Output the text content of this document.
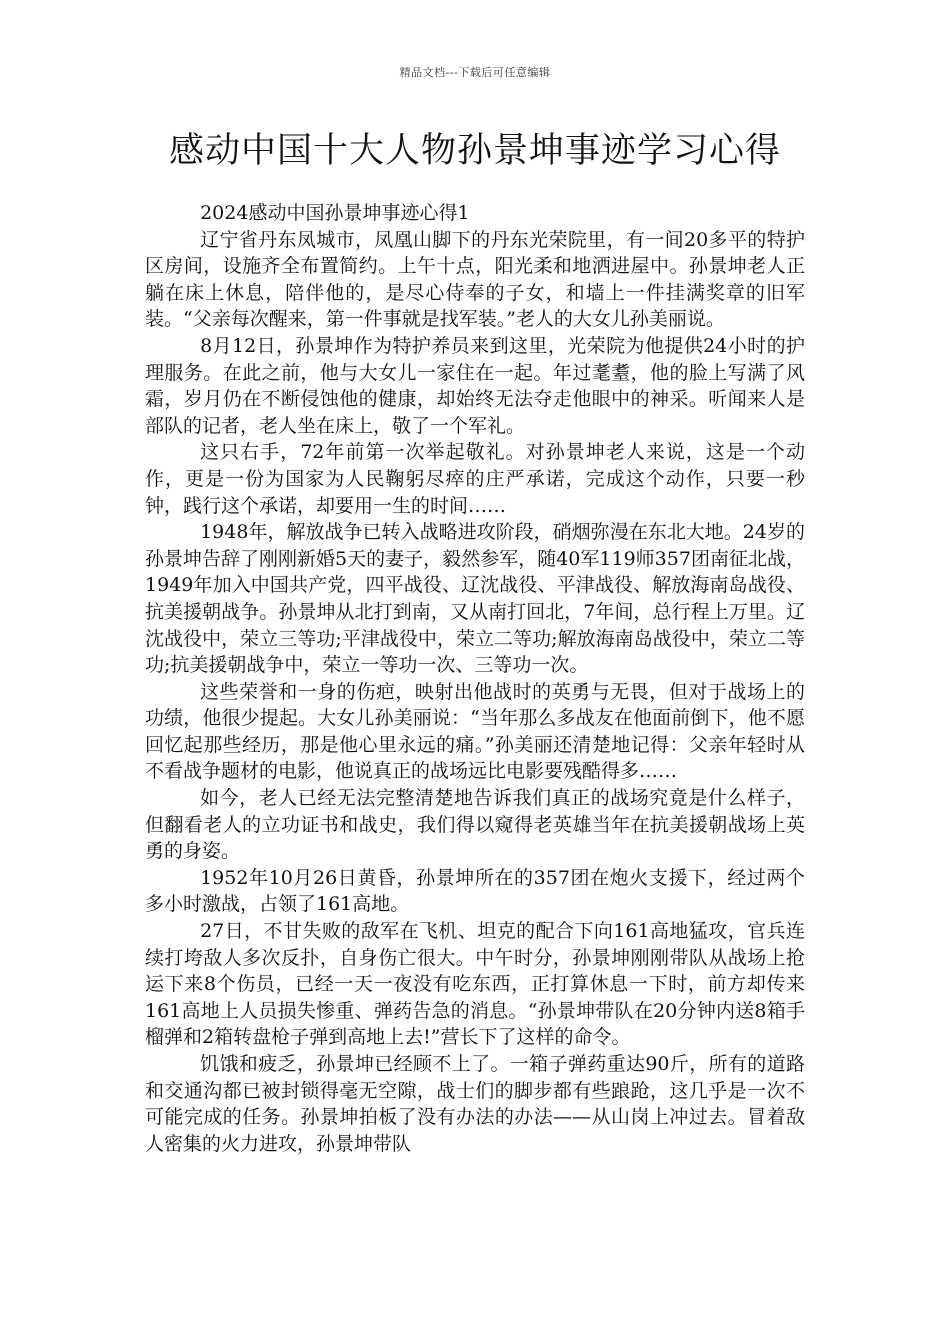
精品文档---下载后可任意编辑
感动中国十大人物孙景坤事迹学习心得

2024感动中国孙景坤事迹心得1

辽宁省丹东凤城市，凤凰山脚下的丹东光荣院里，有一间20多平的特护区房间，设施齐全布置简约。上午十点，阳光柔和地洒进屋中。孙景坤老人正躺在床上休息，陪伴他的，是尽心侍奉的子女，和墙上一件挂满奖章的旧军装。“父亲每次醒来，第一件事就是找军装。”老人的大女儿孙美丽说。

8月12日，孙景坤作为特护养员来到这里，光荣院为他提供24小时的护理服务。在此之前，他与大女儿一家住在一起。年过耄耋，他的脸上写满了风霜，岁月仍在不断侵蚀他的健康，却始终无法夺走他眼中的神采。听闻来人是部队的记者，老人坐在床上，敬了一个军礼。

这只右手，72年前第一次举起敬礼。对孙景坤老人来说，这是一个动作，更是一份为国家为人民鞠躬尽瘁的庄严承诺，完成这个动作，只要一秒钟，践行这个承诺，却要用一生的时间……

1948年，解放战争已转入战略进攻阶段，硝烟弥漫在东北大地。24岁的孙景坤告辞了刚刚新婚5天的妻子，毅然参军，随40军119师357团南征北战，1949年加入中国共产党，四平战役、辽沈战役、平津战役、解放海南岛战役、抗美援朝战争。孙景坤从北打到南，又从南打回北，7年间，总行程上万里。辽沈战役中，荣立三等功;平津战役中，荣立二等功;解放海南岛战役中，荣立二等功;抗美援朝战争中，荣立一等功一次、三等功一次。

这些荣誉和一身的伤疤，映射出他战时的英勇与无畏，但对于战场上的功绩，他很少提起。大女儿孙美丽说：“当年那么多战友在他面前倒下，他不愿回忆起那些经历，那是他心里永远的痛。”孙美丽还清楚地记得：父亲年轻时从不看战争题材的电影，他说真正的战场远比电影要残酷得多……

如今，老人已经无法完整清楚地告诉我们真正的战场究竟是什么样子，但翻看老人的立功证书和战史，我们得以窥得老英雄当年在抗美援朝战场上英勇的身姿。

1952年10月26日黄昏，孙景坤所在的357团在炮火支援下，经过两个多小时激战，占领了161高地。

27日，不甘失败的敌军在飞机、坦克的配合下向161高地猛攻，官兵连续打垮敌人多次反扑，自身伤亡很大。中午时分，孙景坤刚刚带队从战场上抢运下来8个伤员，已经一天一夜没有吃东西，正打算休息一下时，前方却传来161高地上人员损失惨重、弹药告急的消息。“孙景坤带队在20分钟内送8箱手榴弹和2箱转盘枪子弹到高地上去!”营长下了这样的命令。

饥饿和疲乏，孙景坤已经顾不上了。一箱子弹药重达90斤，所有的道路和交通沟都已被封锁得毫无空隙，战士们的脚步都有些踉跄，这几乎是一次不可能完成的任务。孙景坤拍板了没有办法的办法——从山岗上冲过去。冒着敌人密集的火力进攻，孙景坤带队
